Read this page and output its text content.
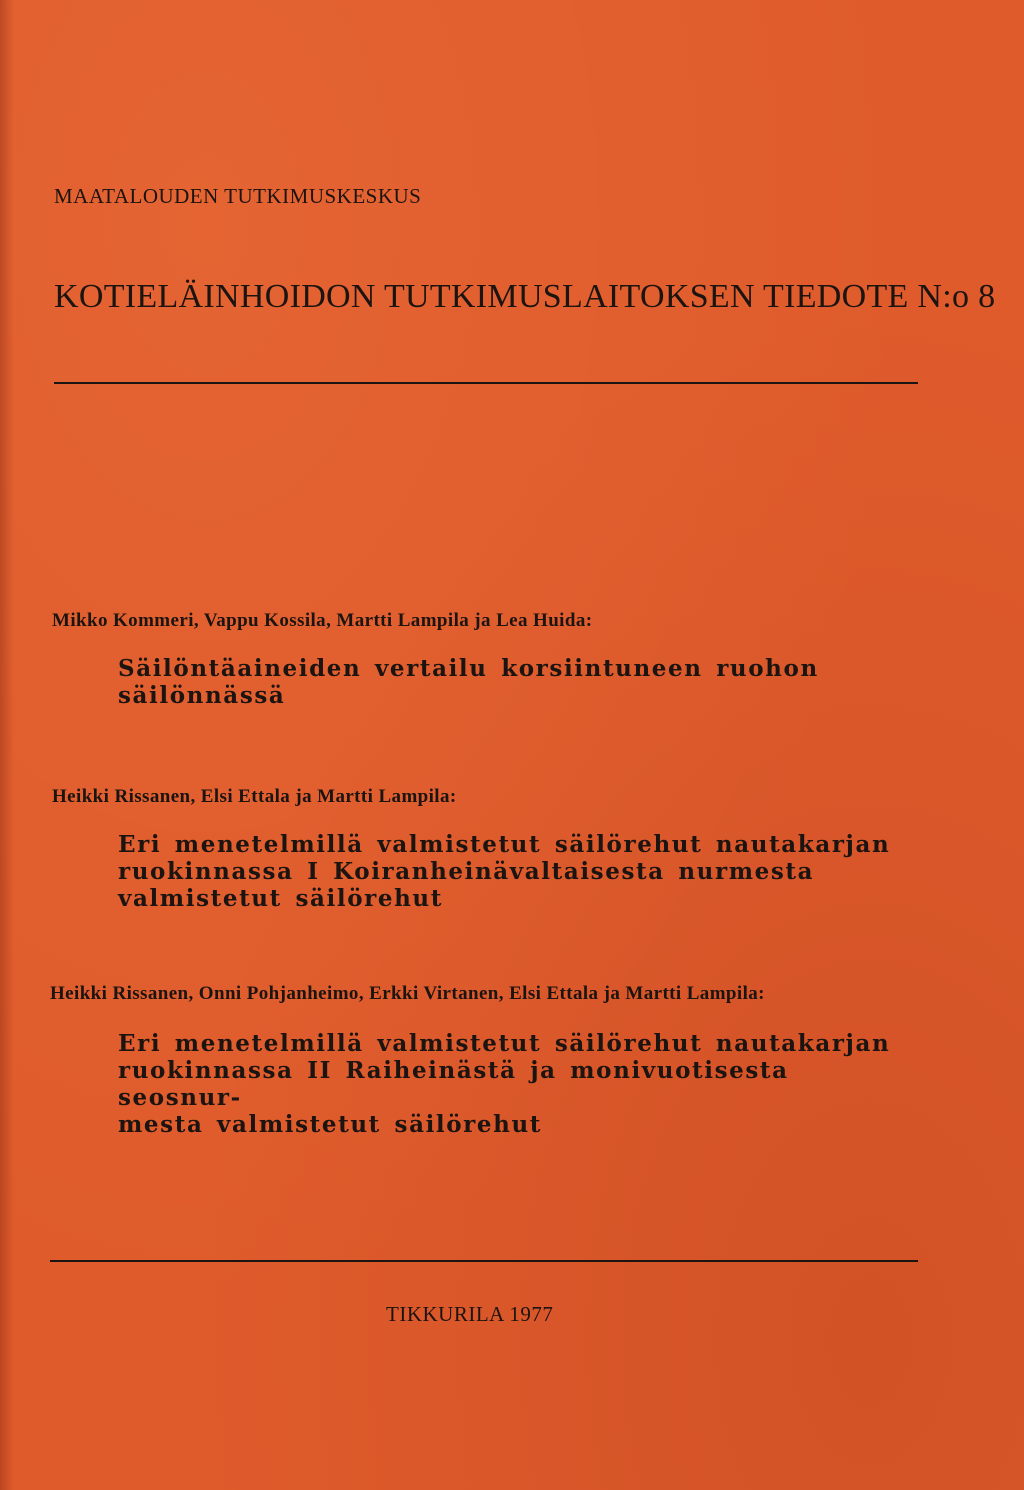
MAATALOUDEN TUTKIMUSKESKUS
KOTIELÄINHOIDON TUTKIMUSLAITOKSEN TIEDOTE N:o 8
Mikko Kommeri, Vappu Kossila, Martti Lampila ja Lea Huida:
Säilöntäaineiden vertailu korsiintuneen ruohon
säilönnässä
Heikki Rissanen, Elsi Ettala ja Martti Lampila:
Eri menetelmillä valmistetut säilörehut nautakarjan
ruokinnassa I Koiranheinävaltaisesta nurmesta
valmistetut säilörehut
Heikki Rissanen, Onni Pohjanheimo, Erkki Virtanen, Elsi Ettala ja Martti Lampila:
Eri menetelmillä valmistetut säilörehut nautakarjan
ruokinnassa II Raiheinästä ja monivuotisesta seosnur-
mesta valmistetut säilörehut
TIKKURILA 1977
